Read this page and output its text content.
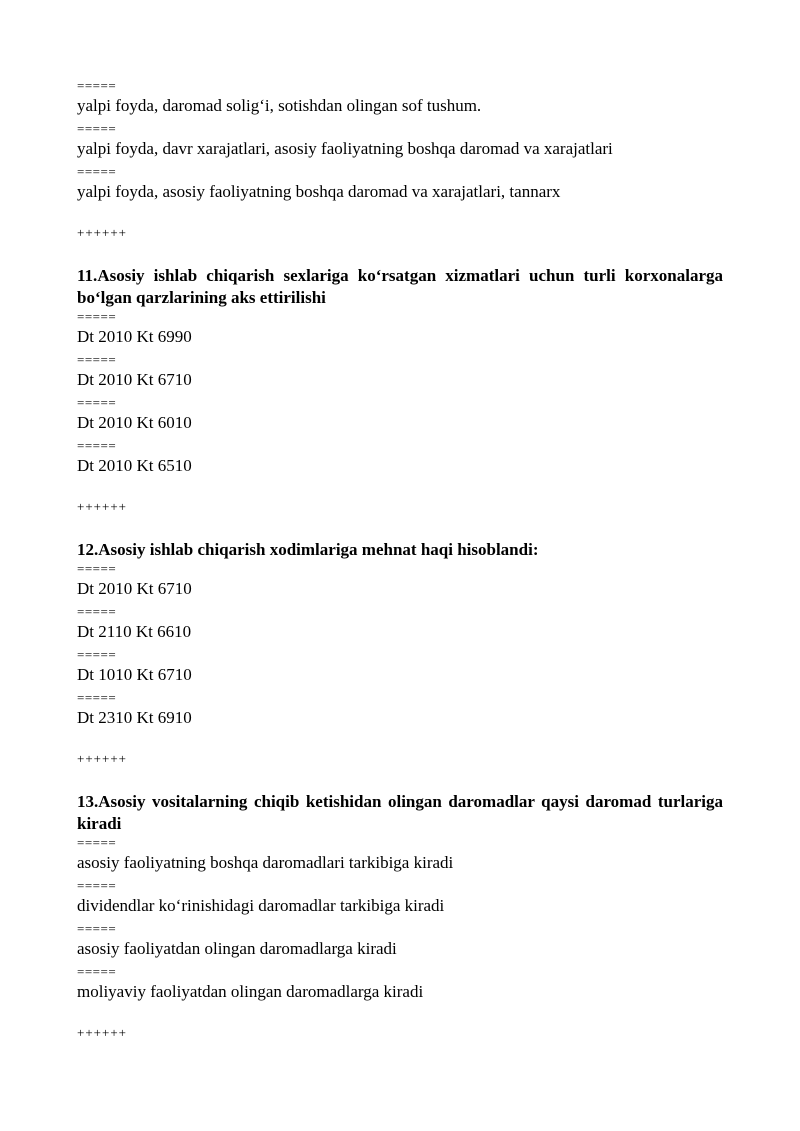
=====
yalpi foyda, daromad solig‘i, sotishdan olingan sof tushum.
=====
yalpi foyda, davr xarajatlari, asosiy faoliyatning boshqa daromad va xarajatlari
=====
yalpi foyda, asosiy faoliyatning boshqa daromad va xarajatlari, tannarx
++++++
11.Asosiy ishlab chiqarish sexlariga ko‘rsatgan xizmatlari uchun turli korxonalarga bo‘lgan qarzlarining aks ettirilishi
=====
Dt 2010 Kt 6990
=====
Dt 2010 Kt 6710
=====
Dt 2010 Kt 6010
=====
Dt 2010 Kt 6510
++++++
12.Asosiy ishlab chiqarish xodimlariga mehnat haqi hisoblandi:
=====
Dt 2010 Kt 6710
=====
Dt 2110 Kt 6610
=====
Dt 1010 Kt 6710
=====
Dt 2310 Kt 6910
++++++
13.Asosiy vositalarning chiqib ketishidan olingan daromadlar qaysi daromad turlariga kiradi
=====
asosiy faoliyatning boshqa daromadlari tarkibiga kiradi
=====
dividendlar ko‘rinishidagi daromadlar tarkibiga kiradi
=====
asosiy faoliyatdan olingan daromadlarga kiradi
=====
moliyaviy faoliyatdan olingan daromadlarga kiradi
++++++
